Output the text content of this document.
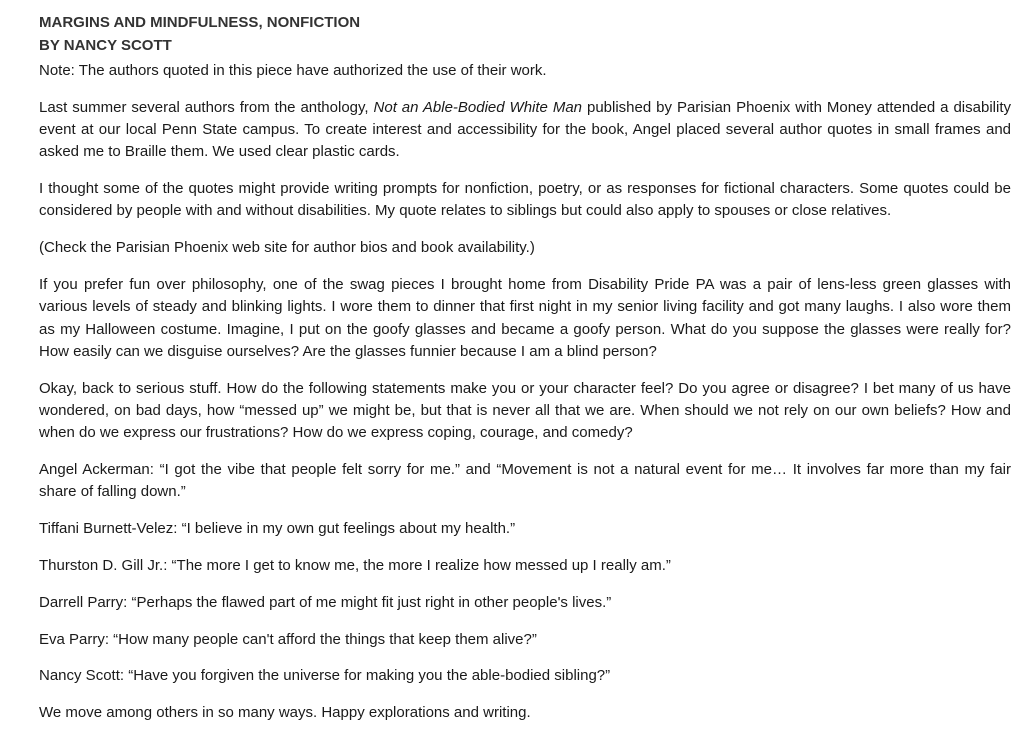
MARGINS AND MINDFULNESS, NONFICTION
BY NANCY SCOTT

Note: The authors quoted in this piece have authorized the use of their work.

Last summer several authors from the anthology, Not an Able-Bodied White Man published by Parisian Phoenix with Money attended a disability event at our local Penn State campus. To create interest and accessibility for the book, Angel placed several author quotes in small frames and asked me to Braille them. We used clear plastic cards.

I thought some of the quotes might provide writing prompts for nonfiction, poetry, or as responses for fictional characters. Some quotes could be considered by people with and without disabilities. My quote relates to siblings but could also apply to spouses or close relatives.

(Check the Parisian Phoenix web site for author bios and book availability.)

If you prefer fun over philosophy, one of the swag pieces I brought home from Disability Pride PA was a pair of lens-less green glasses with various levels of steady and blinking lights. I wore them to dinner that first night in my senior living facility and got many laughs. I also wore them as my Halloween costume. Imagine, I put on the goofy glasses and became a goofy person. What do you suppose the glasses were really for? How easily can we disguise ourselves? Are the glasses funnier because I am a blind person?

Okay, back to serious stuff. How do the following statements make you or your character feel? Do you agree or disagree? I bet many of us have wondered, on bad days, how “messed up” we might be, but that is never all that we are. When should we not rely on our own beliefs? How and when do we express our frustrations? How do we express coping, courage, and comedy?

Angel Ackerman: “I got the vibe that people felt sorry for me.” and “Movement is not a natural event for me… It involves far more than my fair share of falling down.”

Tiffani Burnett-Velez: “I believe in my own gut feelings about my health.”

Thurston D. Gill Jr.: “The more I get to know me, the more I realize how messed up I really am.”

Darrell Parry: “Perhaps the flawed part of me might fit just right in other people's lives.”

Eva Parry: “How many people can't afford the things that keep them alive?”

Nancy Scott: “Have you forgiven the universe for making you the able-bodied sibling?”

We move among others in so many ways. Happy explorations and writing.
